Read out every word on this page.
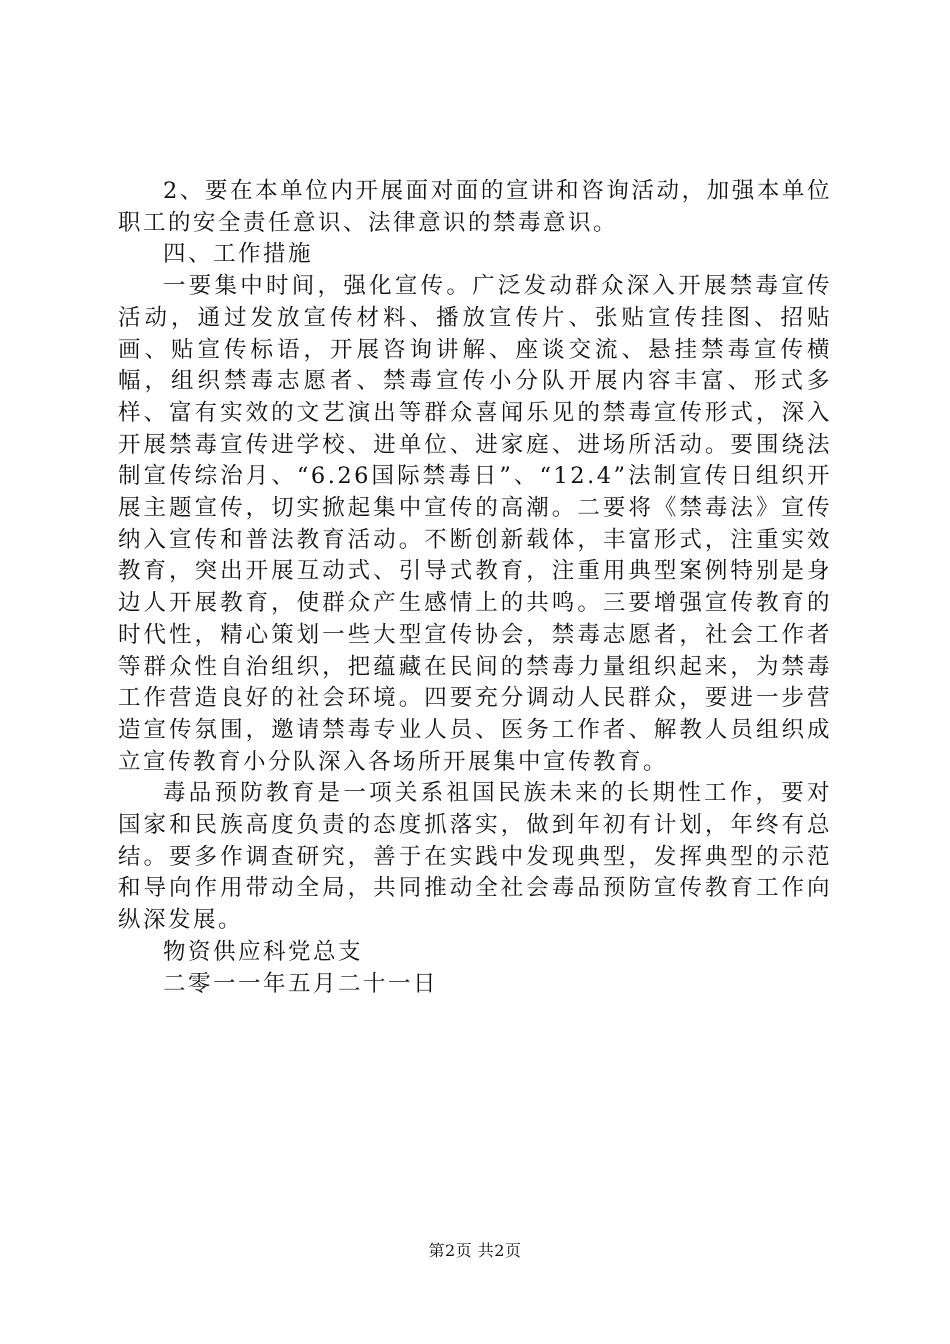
2、要在本单位内开展面对面的宣讲和咨询活动，加强本单位职工的安全责任意识、法律意识的禁毒意识。

四、工作措施

一要集中时间，强化宣传。广泛发动群众深入开展禁毒宣传活动，通过发放宣传材料、播放宣传片、张贴宣传挂图、招贴画、贴宣传标语，开展咨询讲解、座谈交流、悬挂禁毒宣传横幅，组织禁毒志愿者、禁毒宣传小分队开展内容丰富、形式多样、富有实效的文艺演出等群众喜闻乐见的禁毒宣传形式，深入开展禁毒宣传进学校、进单位、进家庭、进场所活动。要围绕法制宣传综治月、“6.26国际禁毒日”、“12.4”法制宣传日组织开展主题宣传，切实掀起集中宣传的高潮。二要将《禁毒法》宣传纳入宣传和普法教育活动。不断创新载体，丰富形式，注重实效教育，突出开展互动式、引导式教育，注重用典型案例特别是身边人开展教育，使群众产生感情上的共鸣。三要增强宣传教育的时代性，精心策划一些大型宣传协会，禁毒志愿者，社会工作者等群众性自治组织，把蕴藏在民间的禁毒力量组织起来，为禁毒工作营造良好的社会环境。四要充分调动人民群众，要进一步营造宣传氛围，邀请禁毒专业人员、医务工作者、解教人员组织成立宣传教育小分队深入各场所开展集中宣传教育。

毒品预防教育是一项关系祖国民族未来的长期性工作，要对国家和民族高度负责的态度抓落实，做到年初有计划，年终有总结。要多作调查研究，善于在实践中发现典型，发挥典型的示范和导向作用带动全局，共同推动全社会毒品预防宣传教育工作向纵深发展。

物资供应科党总支

二零一一年五月二十一日

第2页 共2页
